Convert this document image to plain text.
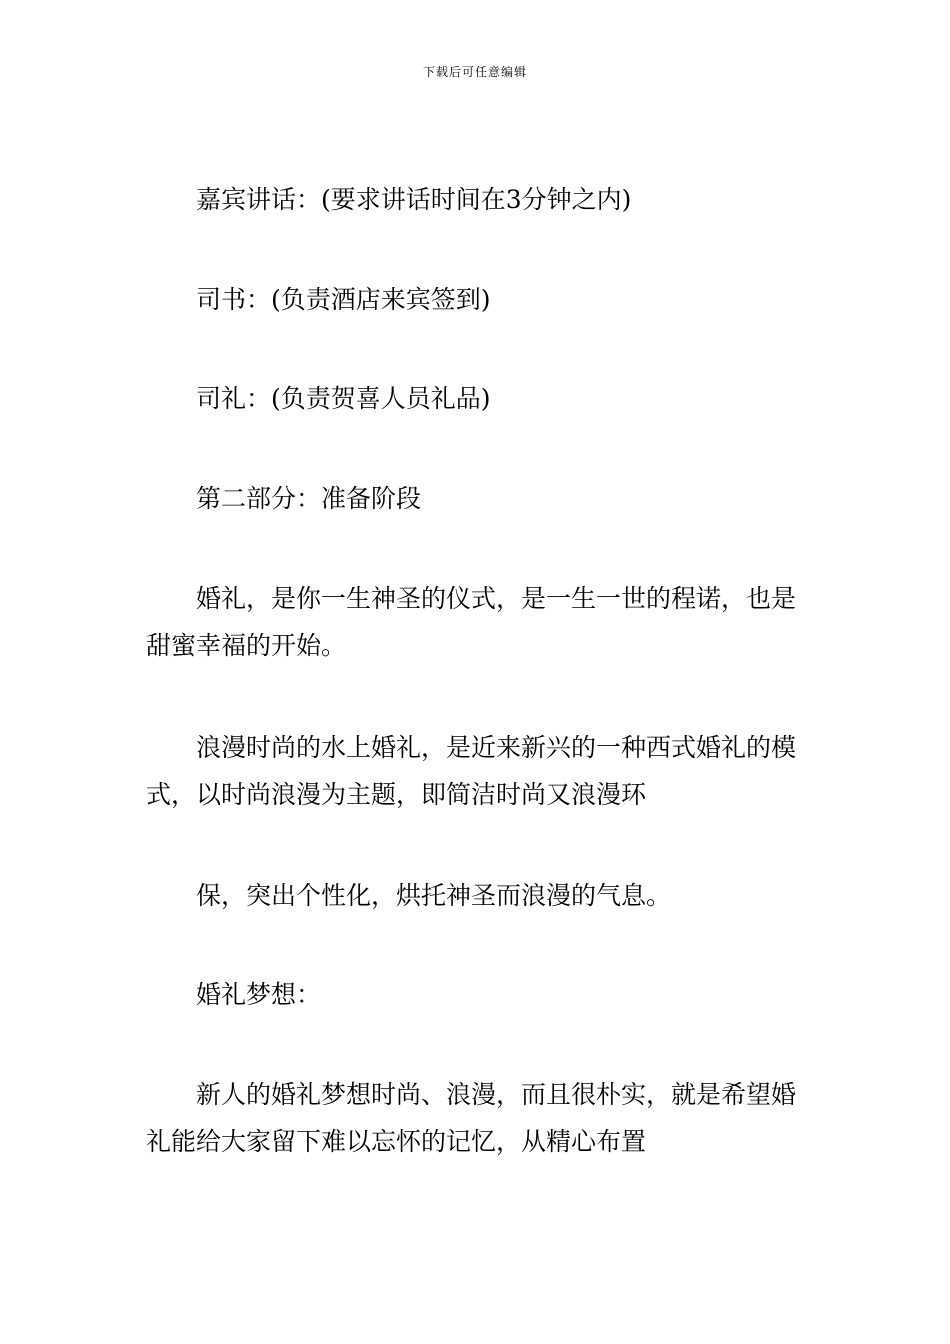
下载后可任意编辑

嘉宾讲话：(要求讲话时间在3分钟之内)

司书：(负责酒店来宾签到)

司礼：(负责贺喜人员礼品)

第二部分：准备阶段

婚礼，是你一生神圣的仪式，是一生一世的程诺，也是甜蜜幸福的开始。

浪漫时尚的水上婚礼，是近来新兴的一种西式婚礼的模式，以时尚浪漫为主题，即简洁时尚又浪漫环

保，突出个性化，烘托神圣而浪漫的气息。

婚礼梦想：

新人的婚礼梦想时尚、浪漫，而且很朴实，就是希望婚礼能给大家留下难以忘怀的记忆，从精心布置
